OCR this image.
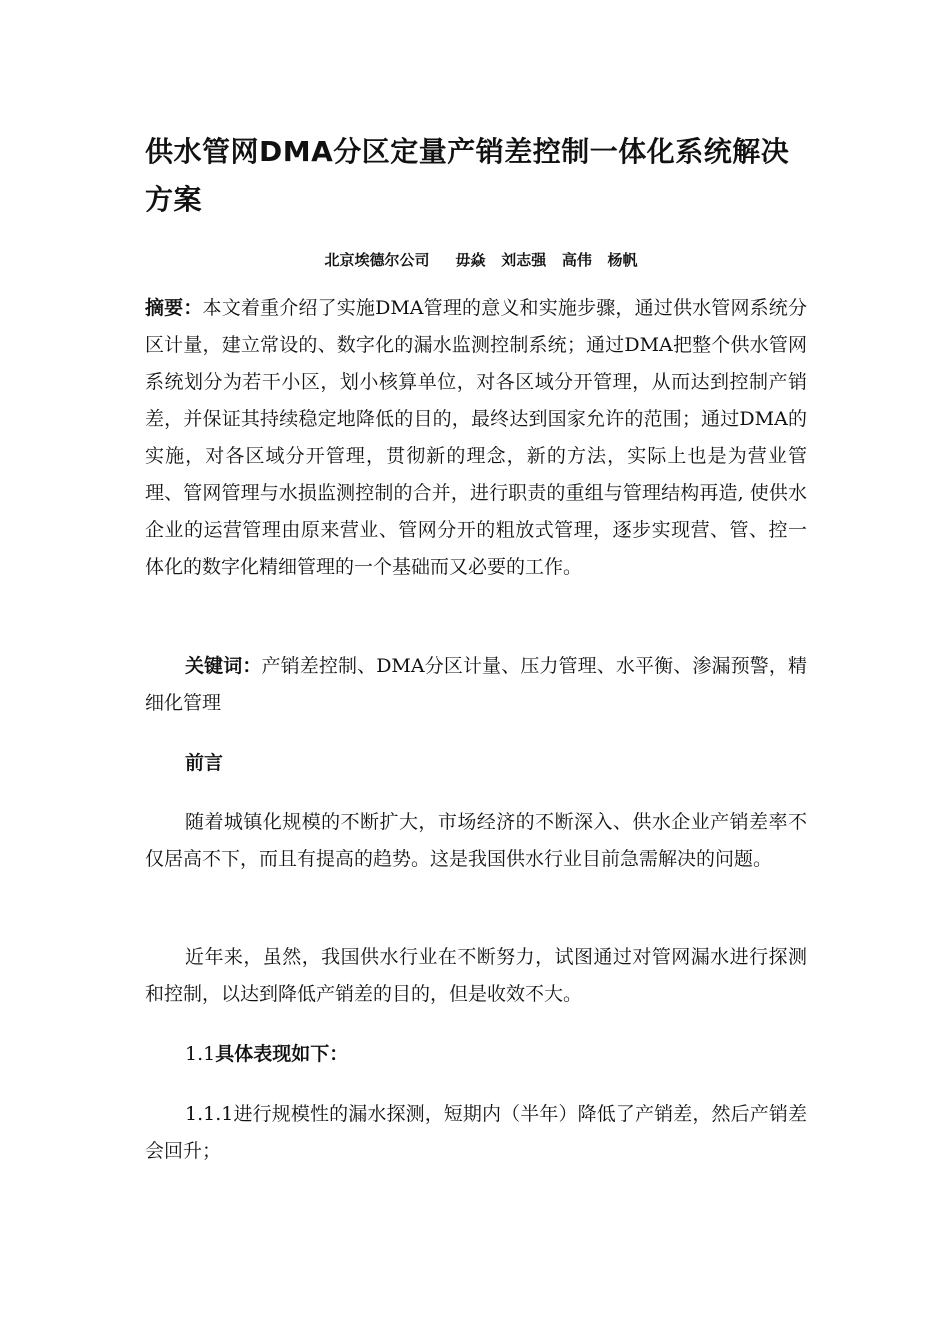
供水管网DMA分区定量产销差控制一体化系统解决方案
北京埃德尔公司     毋焱   刘志强   高伟   杨帆

摘要：本文着重介绍了实施DMA管理的意义和实施步骤，通过供水管网系统分区计量，建立常设的、数字化的漏水监测控制系统；通过DMA把整个供水管网系统划分为若干小区，划小核算单位，对各区域分开管理，从而达到控制产销差，并保证其持续稳定地降低的目的，最终达到国家允许的范围；通过DMA的实施，对各区域分开管理，贯彻新的理念，新的方法，实际上也是为营业管理、管网管理与水损监测控制的合并，进行职责的重组与管理结构再造, 使供水企业的运营管理由原来营业、管网分开的粗放式管理，逐步实现营、管、控一体化的数字化精细管理的一个基础而又必要的工作。

关键词：产销差控制、DMA分区计量、压力管理、水平衡、渗漏预警，精细化管理

前言

随着城镇化规模的不断扩大，市场经济的不断深入、供水企业产销差率不仅居高不下，而且有提高的趋势。这是我国供水行业目前急需解决的问题。

近年来，虽然，我国供水行业在不断努力，试图通过对管网漏水进行探测和控制，以达到降低产销差的目的，但是收效不大。

1.1具体表现如下：

1.1.1进行规模性的漏水探测，短期内（半年）降低了产销差，然后产销差会回升；
